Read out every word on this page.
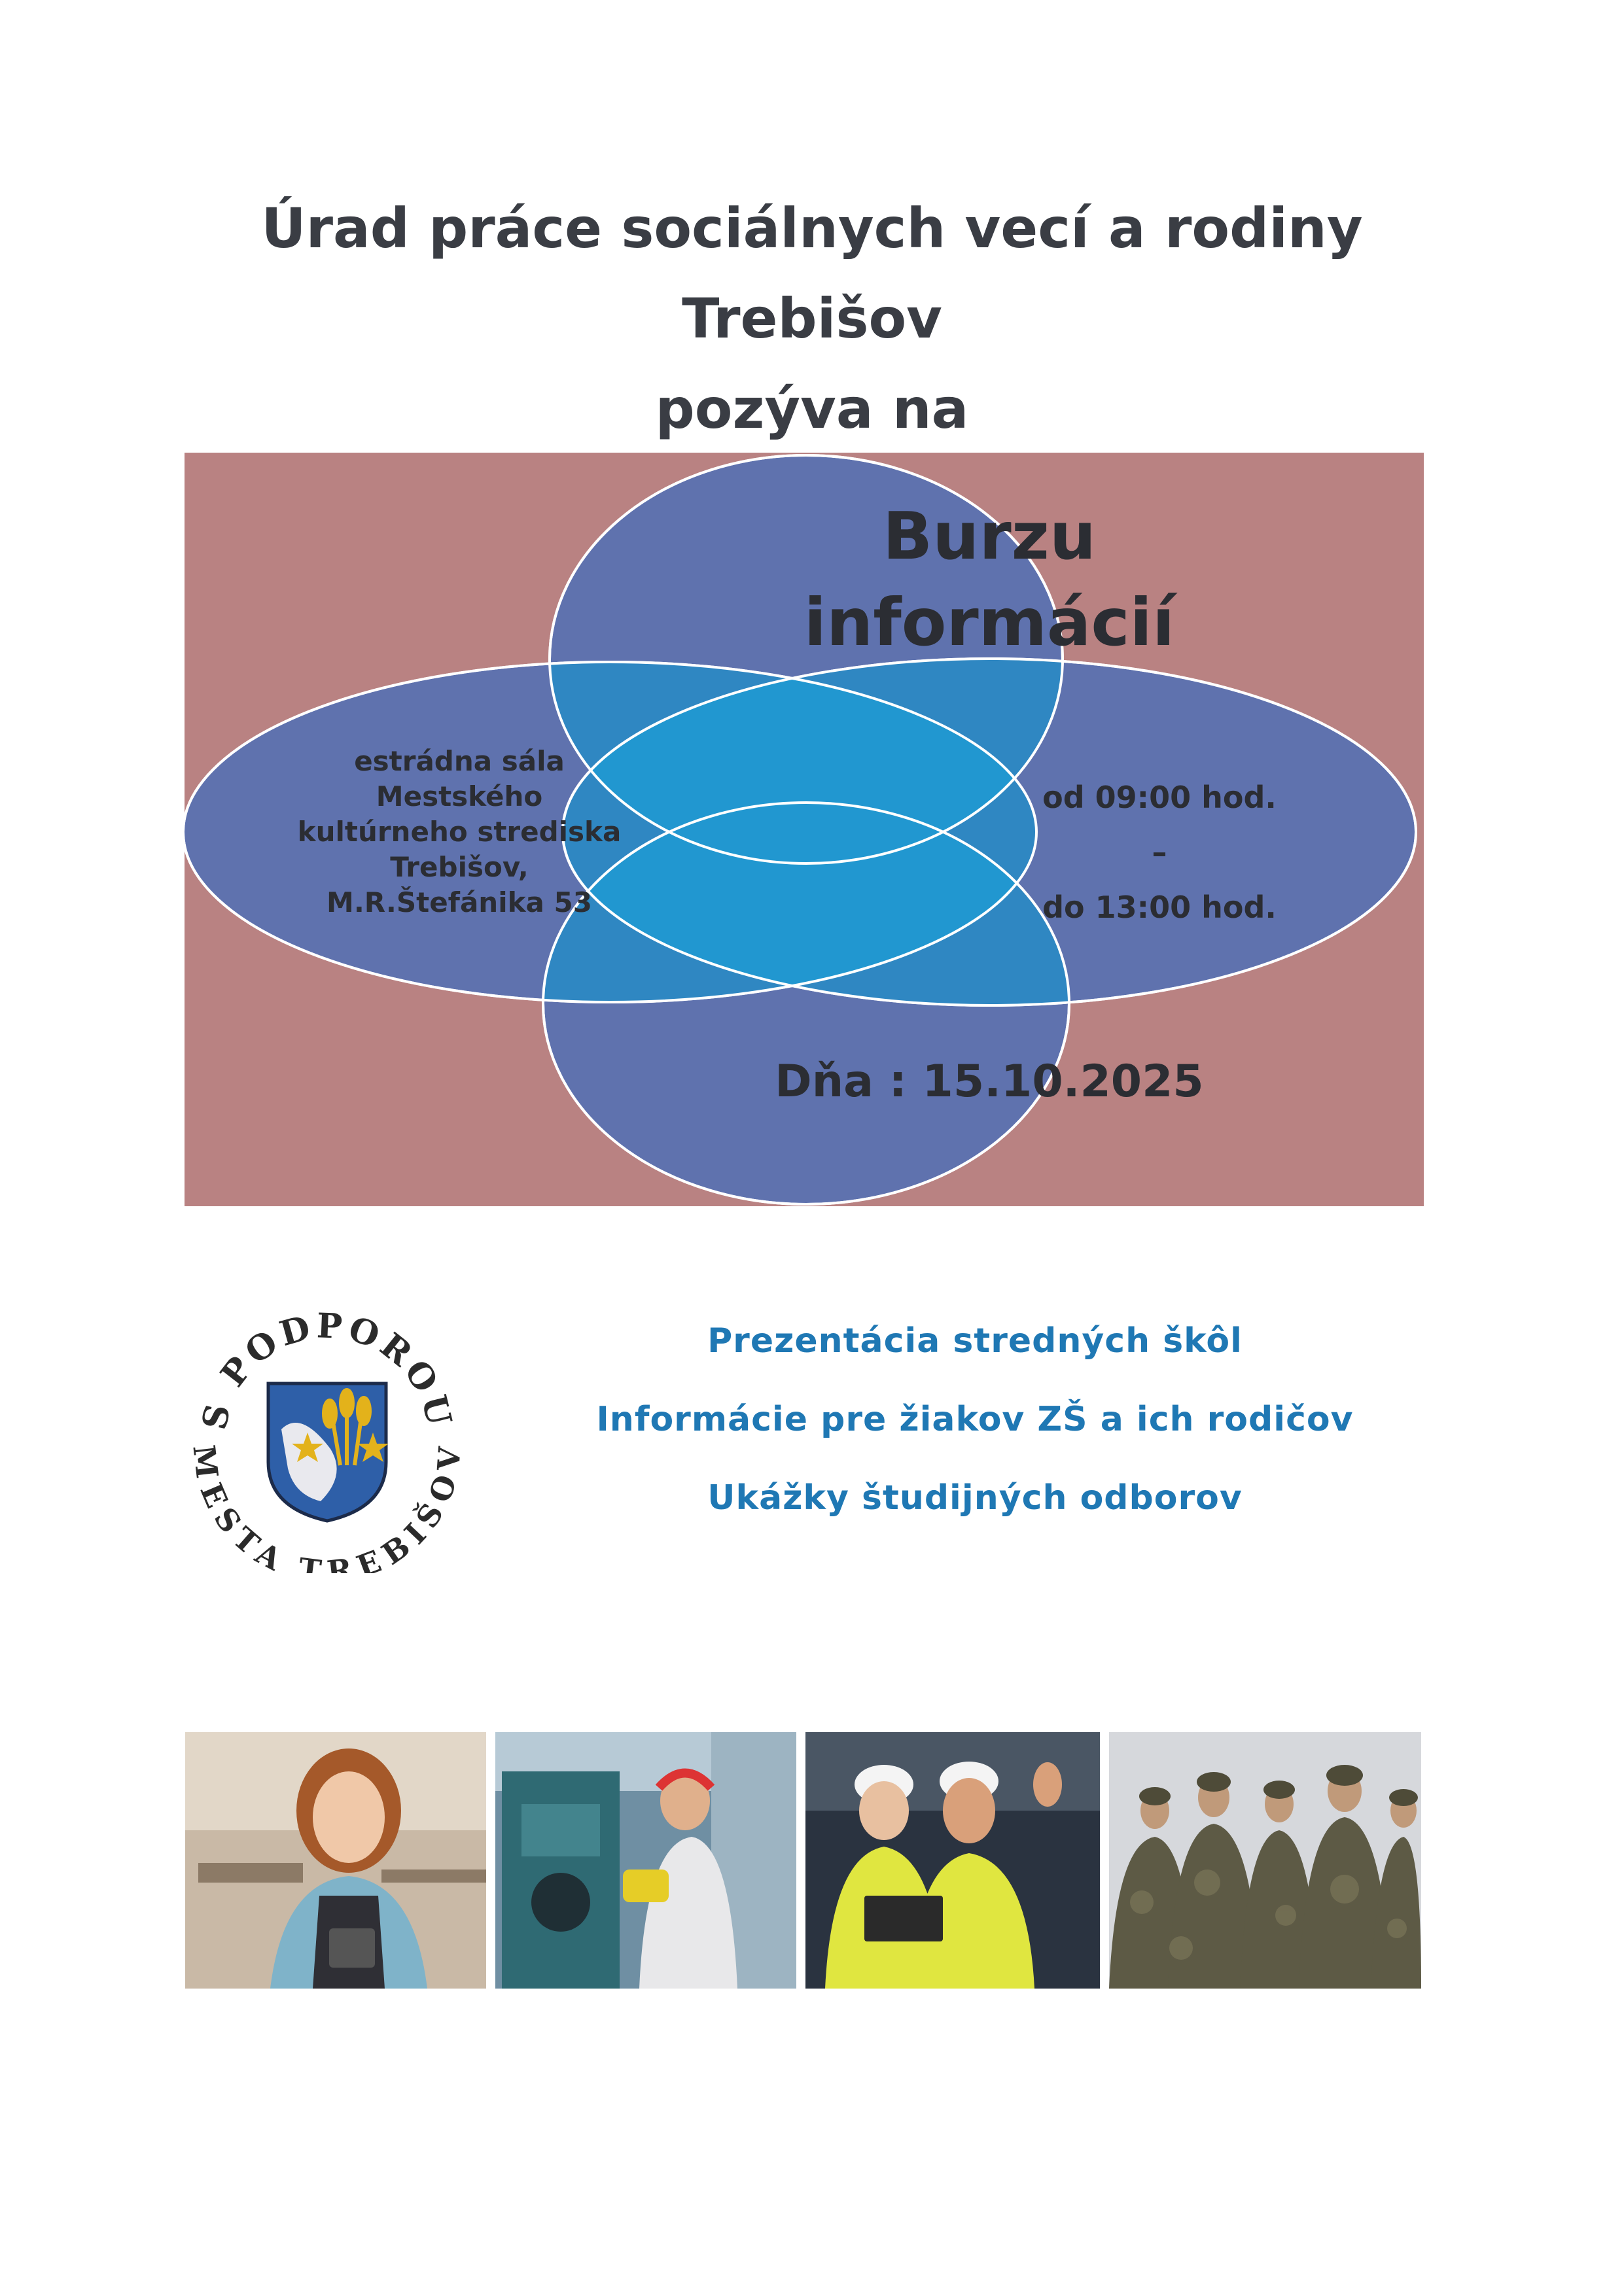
Úrad práce sociálnych vecí a rodiny
Trebišov
pozýva na
Burzu
informácií
estrádna sála
Mestského
kultúrneho strediska
Trebišov,
M.R.Štefánika 53
od 09:00 hod.
–
do 13:00 hod.
Dňa : 15.10.2025
S PODPOROU
MESTA TREBIŠOV
Prezentácia stredných škôl
Informácie pre žiakov ZŠ a ich rodičov
Ukážky študijných odborov
